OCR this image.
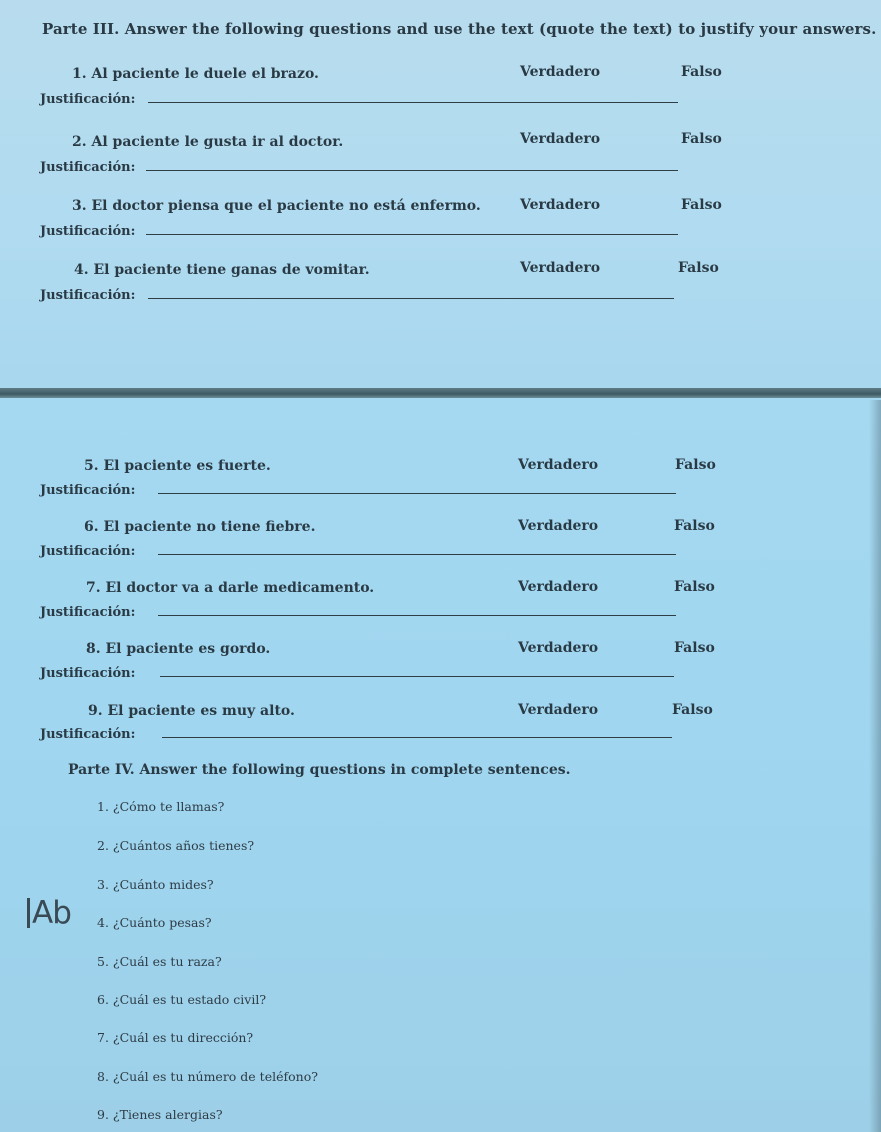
Parte III. Answer the following questions and use the text (quote the text) to justify your answers.
1. Al paciente le duele el brazo.	Verdadero	Falso
Justificación:
2. Al paciente le gusta ir al doctor.	Verdadero	Falso
Justificación:
3. El doctor piensa que el paciente no está enfermo.	Verdadero	Falso
Justificación:
4. El paciente tiene ganas de vomitar.	Verdadero	Falso
Justificación:
5. El paciente es fuerte.	Verdadero	Falso
Justificación:
6. El paciente no tiene fiebre.	Verdadero	Falso
Justificación:
7. El doctor va a darle medicamento.	Verdadero	Falso
Justificación:
8. El paciente es gordo.	Verdadero	Falso
Justificación:
9. El paciente es muy alto.	Verdadero	Falso
Justificación:
Parte IV. Answer the following questions in complete sentences.
1. ¿Cómo te llamas?
2. ¿Cuántos años tienes?
3. ¿Cuánto mides?
4. ¿Cuánto pesas?
5. ¿Cuál es tu raza?
6. ¿Cuál es tu estado civil?
7. ¿Cuál es tu dirección?
8. ¿Cuál es tu número de teléfono?
9. ¿Tienes alergias?
Ab
